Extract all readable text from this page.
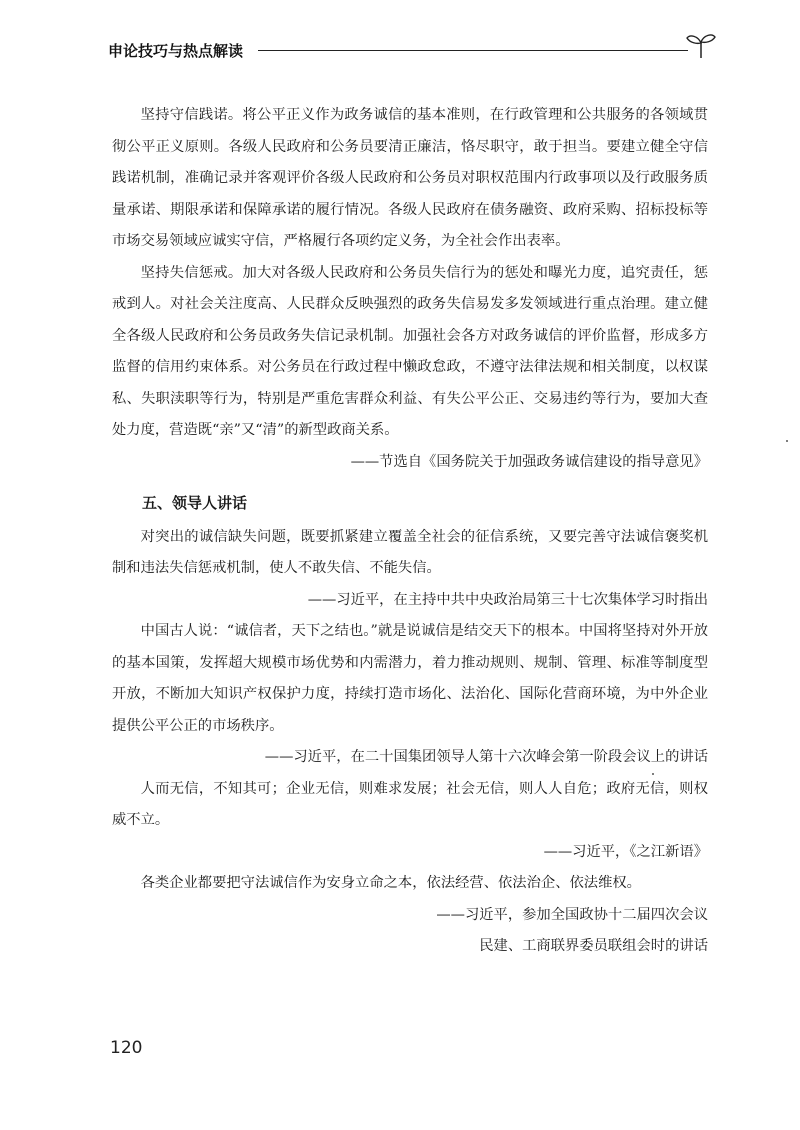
申论技巧与热点解读

坚持守信践诺。将公平正义作为政务诚信的基本准则，在行政管理和公共服务的各领域贯彻公平正义原则。各级人民政府和公务员要清正廉洁，恪尽职守，敢于担当。要建立健全守信践诺机制，准确记录并客观评价各级人民政府和公务员对职权范围内行政事项以及行政服务质量承诺、期限承诺和保障承诺的履行情况。各级人民政府在债务融资、政府采购、招标投标等市场交易领域应诚实守信，严格履行各项约定义务，为全社会作出表率。

坚持失信惩戒。加大对各级人民政府和公务员失信行为的惩处和曝光力度，追究责任，惩戒到人。对社会关注度高、人民群众反映强烈的政务失信易发多发领域进行重点治理。建立健全各级人民政府和公务员政务失信记录机制。加强社会各方对政务诚信的评价监督，形成多方监督的信用约束体系。对公务员在行政过程中懒政怠政，不遵守法律法规和相关制度，以权谋私、失职渎职等行为，特别是严重危害群众利益、有失公平公正、交易违约等行为，要加大查处力度，营造既“亲”又“清”的新型政商关系。

——节选自《国务院关于加强政务诚信建设的指导意见》

五、领导人讲话

对突出的诚信缺失问题，既要抓紧建立覆盖全社会的征信系统，又要完善守法诚信褒奖机制和违法失信惩戒机制，使人不敢失信、不能失信。

——习近平，在主持中共中央政治局第三十七次集体学习时指出

中国古人说：“诚信者，天下之结也。”就是说诚信是结交天下的根本。中国将坚持对外开放的基本国策，发挥超大规模市场优势和内需潜力，着力推动规则、规制、管理、标准等制度型开放，不断加大知识产权保护力度，持续打造市场化、法治化、国际化营商环境，为中外企业提供公平公正的市场秩序。

——习近平，在二十国集团领导人第十六次峰会第一阶段会议上的讲话

人而无信，不知其可；企业无信，则难求发展；社会无信，则人人自危；政府无信，则权威不立。

——习近平，《之江新语》

各类企业都要把守法诚信作为安身立命之本，依法经营、依法治企、依法维权。

——习近平，参加全国政协十二届四次会议

民建、工商联界委员联组会时的讲话

120
